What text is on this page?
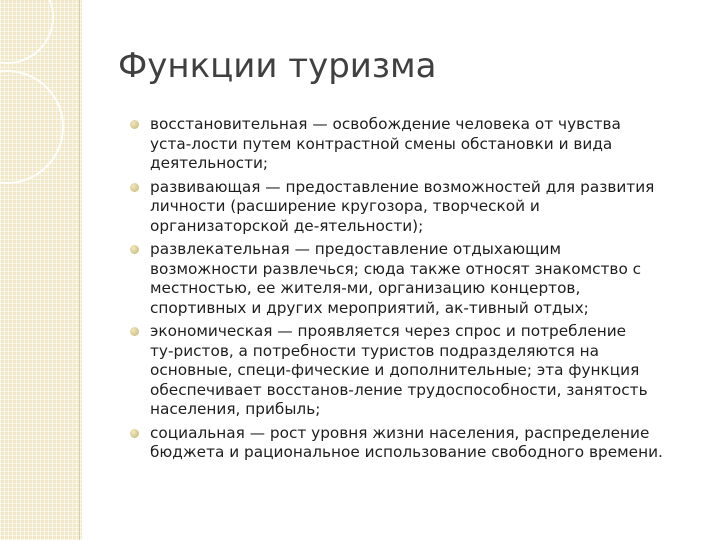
Функции туризма
восстановительная — освобождение человека от чувства
уста-лости путем контрастной смены обстановки и вида
деятельности;
развивающая — предоставление возможностей для развития
личности (расширение кругозора, творческой и
организаторской де-ятельности);
развлекательная — предоставление отдыхающим
возможности развлечься; сюда также относят знакомство с
местностью, ее жителя-ми, организацию концертов,
спортивных и других мероприятий, ак-тивный отдых;
экономическая — проявляется через спрос и потребление
ту-ристов, а потребности туристов подразделяются на
основные, специ-фические и дополнительные; эта функция
обеспечивает восстанов-ление трудоспособности, занятость
населения, прибыль;
социальная — рост уровня жизни населения, распределение
бюджета и рациональное использование свободного времени.
